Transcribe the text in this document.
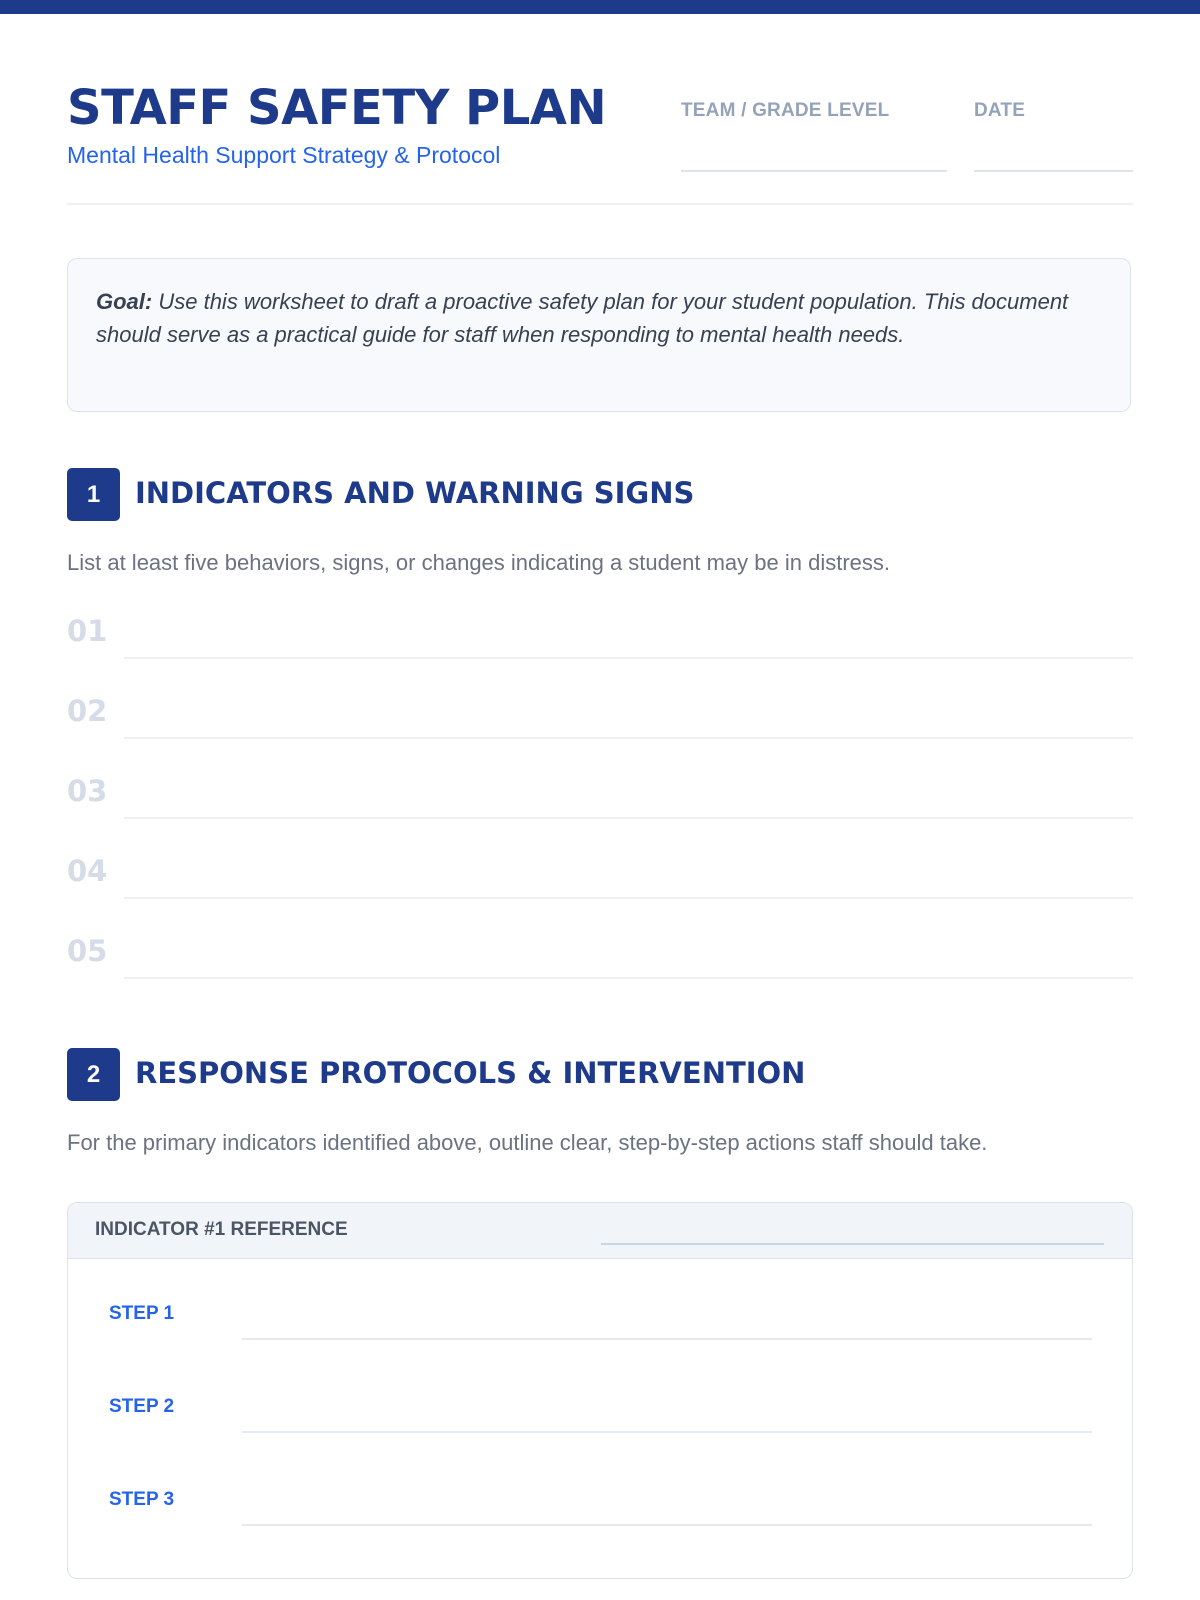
STAFF SAFETY PLAN
Mental Health Support Strategy & Protocol
TEAM / GRADE LEVEL	DATE
Goal: Use this worksheet to draft a proactive safety plan for your student population. This document should serve as a practical guide for staff when responding to mental health needs.
1	INDICATORS AND WARNING SIGNS
List at least five behaviors, signs, or changes indicating a student may be in distress.
01
02
03
04
05
2	RESPONSE PROTOCOLS & INTERVENTION
For the primary indicators identified above, outline clear, step-by-step actions staff should take.
INDICATOR #1 REFERENCE
STEP 1
STEP 2
STEP 3
